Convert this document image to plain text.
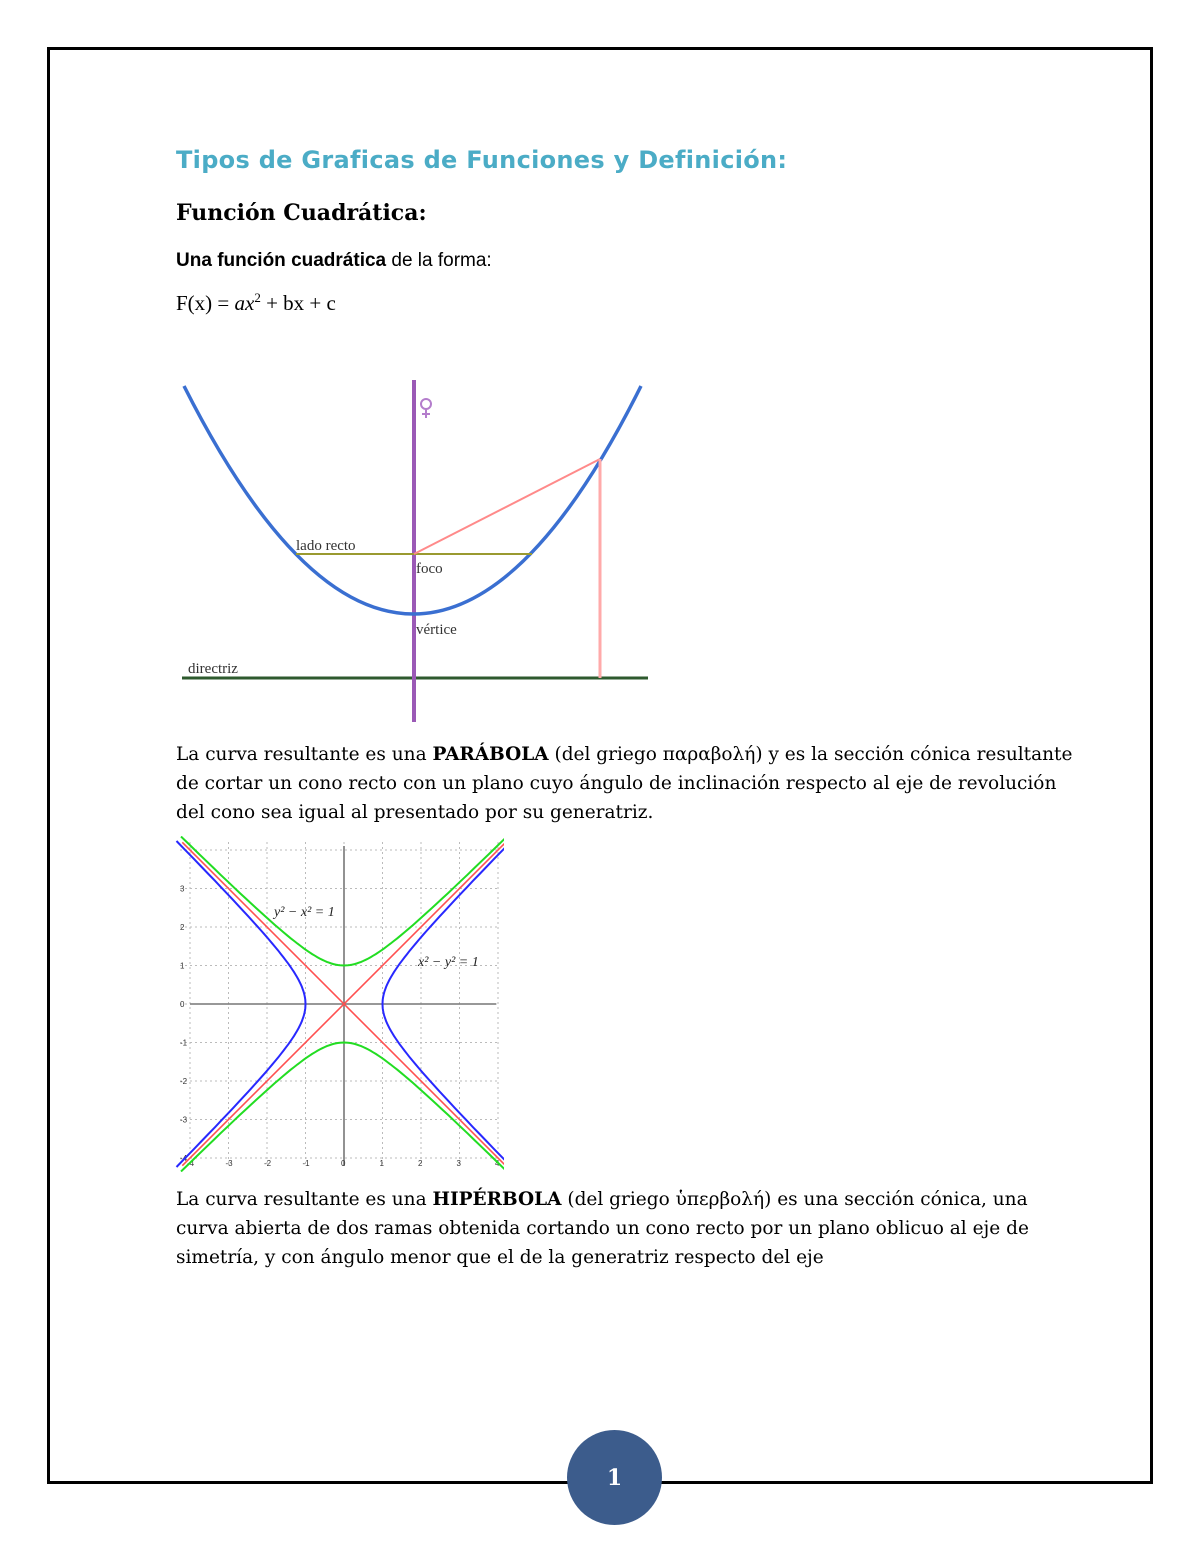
Tipos de Graficas de Funciones y Definición:
Función Cuadrática:
Una función cuadrática de la forma:
$F(x) = ax^2$ + bx + c
lado recto
foco
vértice
directriz
La curva resultante es una PARÁBOLA (del griego παραβολή) y es la sección cónica resultante de cortar un cono recto con un plano cuyo ángulo de inclinación respecto al eje de revolución del cono sea igual al presentado por su generatriz.
-4	-3	-2	-1	0	1	2	3	4
3
2
1
0
-1
-2
-3
-4
y² − x² = 1
x² − y² = 1
La curva resultante es una HIPÉRBOLA (del griego ὑπερβολή) es una sección cónica, una curva abierta de dos ramas obtenida cortando un cono recto por un plano oblicuo al eje de simetría, y con ángulo menor que el de la generatriz respecto del eje
1
